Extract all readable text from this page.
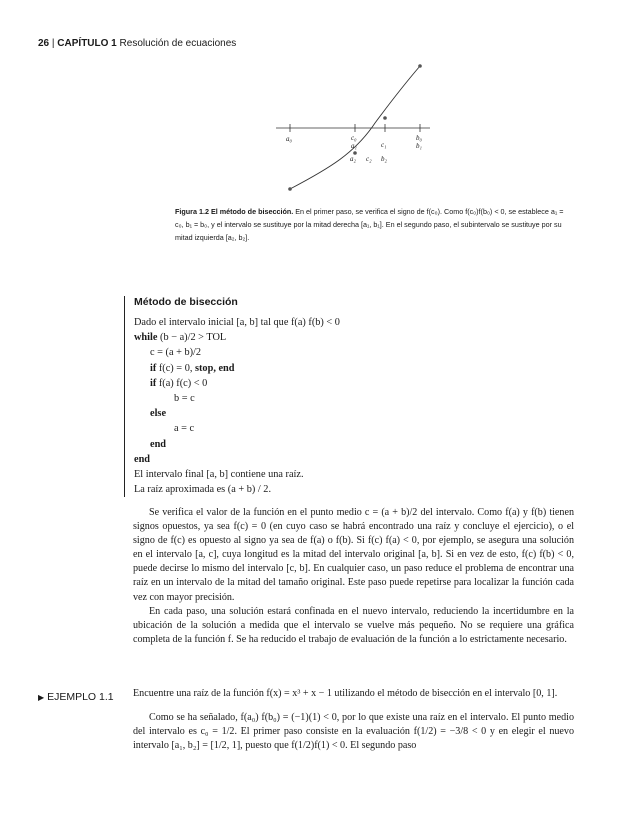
26 | CAPÍTULO 1 Resolución de ecuaciones
a₀	c₀
a₁	c₁
b₀
b₁
a₂ c₂ b₂
Figura 1.2 El método de bisección. En el primer paso, se verifica el signo de f(c₀). Como f(c₀)f(b₀) < 0, se establece a₁ = c₀, b₁ = b₀, y el intervalo se sustituye por la mitad derecha [a₁, b₁]. En el segundo paso, el subintervalo se sustituye por su mitad izquierda [a₂, b₂].
Método de bisección
Dado el intervalo inicial [a, b] tal que f(a) f(b) < 0
while (b − a)/2 > TOL
c = (a + b)/2
if f(c) = 0, stop, end
if f(a) f(c) < 0
b = c
else
a = c
end
end
El intervalo final [a, b] contiene una raíz.
La raíz aproximada es (a + b) / 2.

Se verifica el valor de la función en el punto medio c = (a + b)/2 del intervalo. Como f(a) y f(b) tienen signos opuestos, ya sea f(c) = 0 (en cuyo caso se habrá encontrado una raíz y concluye el ejercicio), o el signo de f(c) es opuesto al signo ya sea de f(a) o f(b). Si f(c) f(a) < 0, por ejemplo, se asegura una solución en el intervalo [a, c], cuya longitud es la mitad del intervalo original [a, b]. Si en vez de esto, f(c) f(b) < 0, puede decirse lo mismo del intervalo [c, b]. En cualquier caso, un paso reduce el problema de encontrar una raíz en un intervalo de la mitad del tamaño original. Este paso puede repetirse para localizar la función cada vez con mayor precisión.

En cada paso, una solución estará confinada en el nuevo intervalo, reduciendo la incertidumbre en la ubicación de la solución a medida que el intervalo se vuelve más pequeño. No se requiere una gráfica completa de la función f. Se ha reducido el trabajo de evaluación de la función a lo estrictamente necesario.

▶ EJEMPLO 1.1 Encuentre una raíz de la función f(x) = x³ + x − 1 utilizando el método de bisección en el intervalo [0, 1].

Como se ha señalado, f(a₀) f(b₀) = (−1)(1) < 0, por lo que existe una raíz en el intervalo. El punto medio del intervalo es c₀ = 1/2. El primer paso consiste en la evaluación f(1/2) = −3/8 < 0 y en elegir el nuevo intervalo [a₁, b₂] = [1/2, 1], puesto que f(1/2)f(1) < 0. El segundo paso
